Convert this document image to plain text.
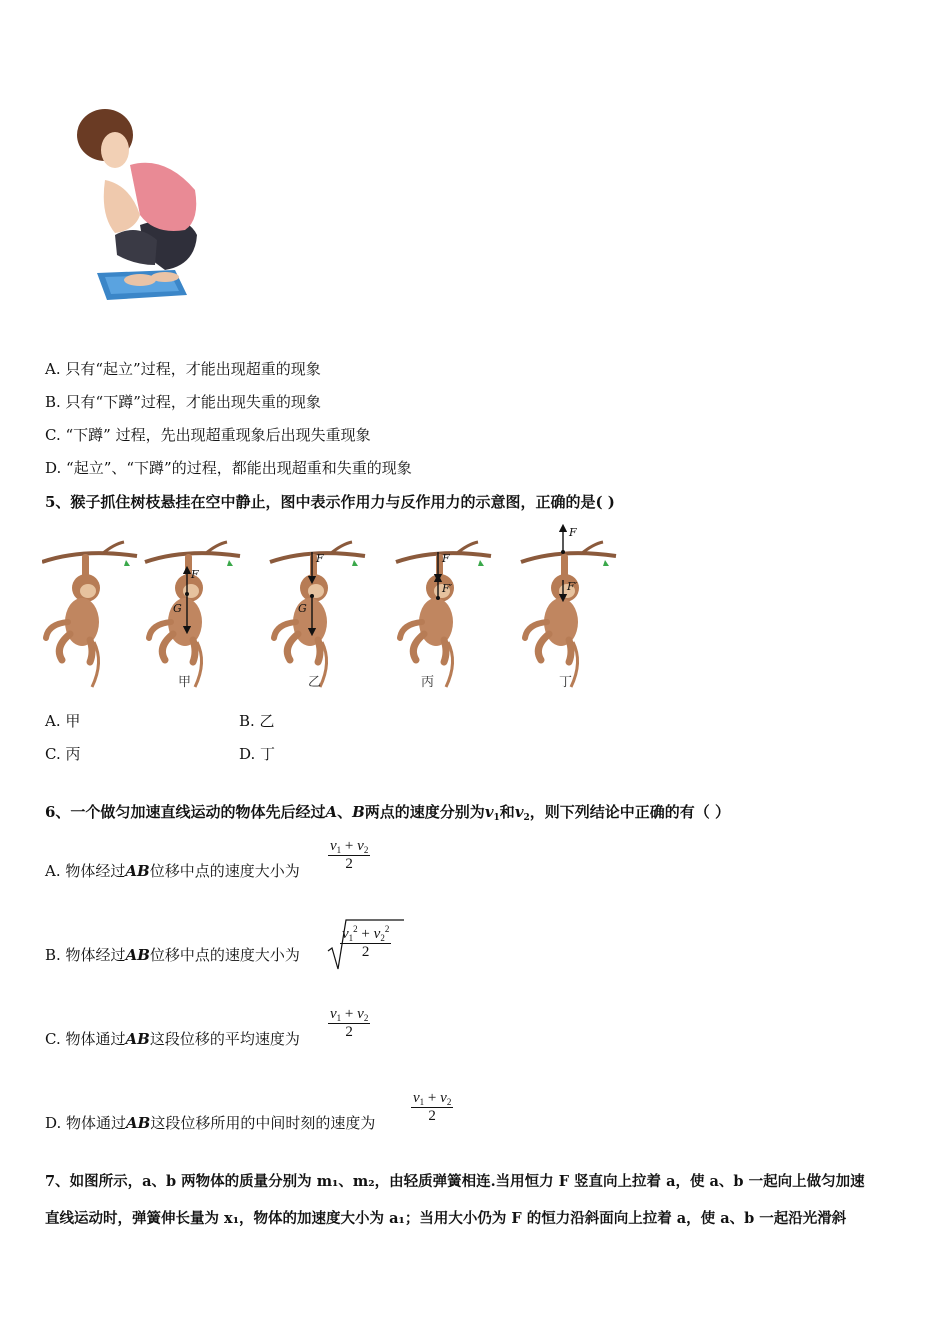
A. 只有“起立”过程，才能出现超重的现象
B. 只有“下蹲”过程，才能出现失重的现象
C. “下蹲” 过程，先出现超重现象后出现失重现象
D. “起立”、“下蹲”的过程，都能出现超重和失重的现象
5、猴子抓住树枝悬挂在空中静止，图中表示作用力与反作用力的示意图，正确的是( )
F
G
F
G
F
F′
F
F′
甲	乙	丙	丁
A. 甲	B. 乙
C. 丙	D. 丁
6、一个做匀加速直线运动的物体先后经过A、B两点的速度分别为$v_1$和$v_2$，则下列结论中正确的有（ ）
A. 物体经过AB位移中点的速度大小为
$v_1 + v_2$
2
B. 物体经过AB位移中点的速度大小为
$v_1^2 + v_2^2$
2
C. 物体通过AB这段位移的平均速度为
$v_1 + v_2$
2
D. 物体通过AB这段位移所用的中间时刻的速度为
$v_1 + v_2$
2
7、如图所示，a、b 两物体的质量分别为 m₁、m₂，由轻质弹簧相连.当用恒力 F 竖直向上拉着 a，使 a、b 一起向上做匀加速
直线运动时，弹簧伸长量为 x₁，物体的加速度大小为 a₁；当用大小仍为 F 的恒力沿斜面向上拉着 a，使 a、b 一起沿光滑斜
